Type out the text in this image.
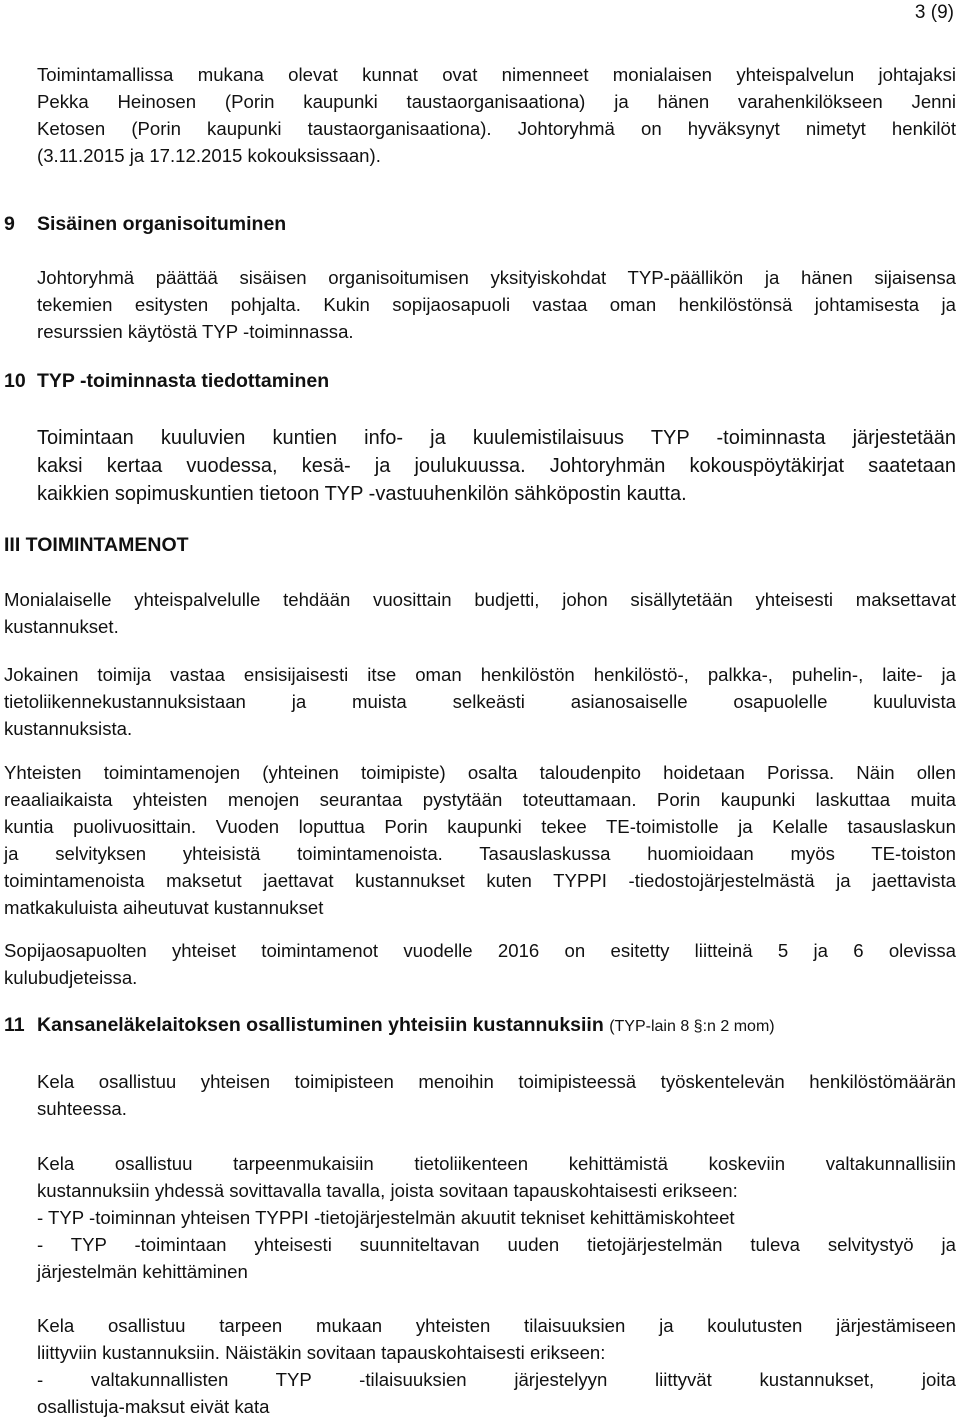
3 (9)
Toimintamallissa mukana olevat kunnat ovat nimenneet monialaisen yhteispalvelun johtajaksi
Pekka Heinosen (Porin kaupunki taustaorganisaationa) ja hänen varahenkilökseen Jenni
Ketosen (Porin kaupunki taustaorganisaationa). Johtoryhmä on hyväksynyt nimetyt henkilöt
(3.11.2015 ja 17.12.2015 kokouksissaan).
9 Sisäinen organisoituminen
Johtoryhmä päättää sisäisen organisoitumisen yksityiskohdat TYP-päällikön ja hänen sijaisensa
tekemien esitysten pohjalta. Kukin sopijaosapuoli vastaa oman henkilöstönsä johtamisesta ja
resurssien käytöstä TYP -toiminnassa.
10 TYP -toiminnasta tiedottaminen
Toimintaan kuuluvien kuntien info- ja kuulemistilaisuus TYP -toiminnasta järjestetään
kaksi kertaa vuodessa, kesä- ja joulukuussa. Johtoryhmän kokouspöytäkirjat saatetaan
kaikkien sopimuskuntien tietoon TYP -vastuuhenkilön sähköpostin kautta.
III TOIMINTAMENOT
Monialaiselle yhteispalvelulle tehdään vuosittain budjetti, johon sisällytetään yhteisesti maksettavat
kustannukset.
Jokainen toimija vastaa ensisijaisesti itse oman henkilöstön henkilöstö-, palkka-, puhelin-, laite- ja
tietoliikennekustannuksistaan ja muista selkeästi asianosaiselle osapuolelle kuuluvista
kustannuksista.
Yhteisten toimintamenojen (yhteinen toimipiste) osalta taloudenpito hoidetaan Porissa. Näin ollen
reaaliaikaista yhteisten menojen seurantaa pystytään toteuttamaan. Porin kaupunki laskuttaa muita
kuntia puolivuosittain. Vuoden loputtua Porin kaupunki tekee TE-toimistolle ja Kelalle tasauslaskun
ja selvityksen yhteisistä toimintamenoista. Tasauslaskussa huomioidaan myös TE-toiston
toimintamenoista maksetut jaettavat kustannukset kuten TYPPI -tiedostojärjestelmästä ja jaettavista
matkakuluista aiheutuvat kustannukset
Sopijaosapuolten yhteiset toimintamenot vuodelle 2016 on esitetty liitteinä 5 ja 6 olevissa
kulubudjeteissa.
11 Kansaneläkelaitoksen osallistuminen yhteisiin kustannuksiin (TYP-lain 8 §:n 2 mom)
Kela osallistuu yhteisen toimipisteen menoihin toimipisteessä työskentelevän henkilöstömäärän
suhteessa.
Kela osallistuu tarpeenmukaisiin tietoliikenteen kehittämistä koskeviin valtakunnallisiin
kustannuksiin yhdessä sovittavalla tavalla, joista sovitaan tapauskohtaisesti erikseen:
- TYP -toiminnan yhteisen TYPPI -tietojärjestelmän akuutit tekniset kehittämiskohteet
- TYP -toimintaan yhteisesti suunniteltavan uuden tietojärjestelmän tuleva selvitystyö ja
järjestelmän kehittäminen
Kela osallistuu tarpeen mukaan yhteisten tilaisuuksien ja koulutusten järjestämiseen
liittyviin kustannuksiin. Näistäkin sovitaan tapauskohtaisesti erikseen:
- valtakunnallisten TYP -tilaisuuksien järjestelyyn liittyvät kustannukset, joita
osallistuja-maksut eivät kata
